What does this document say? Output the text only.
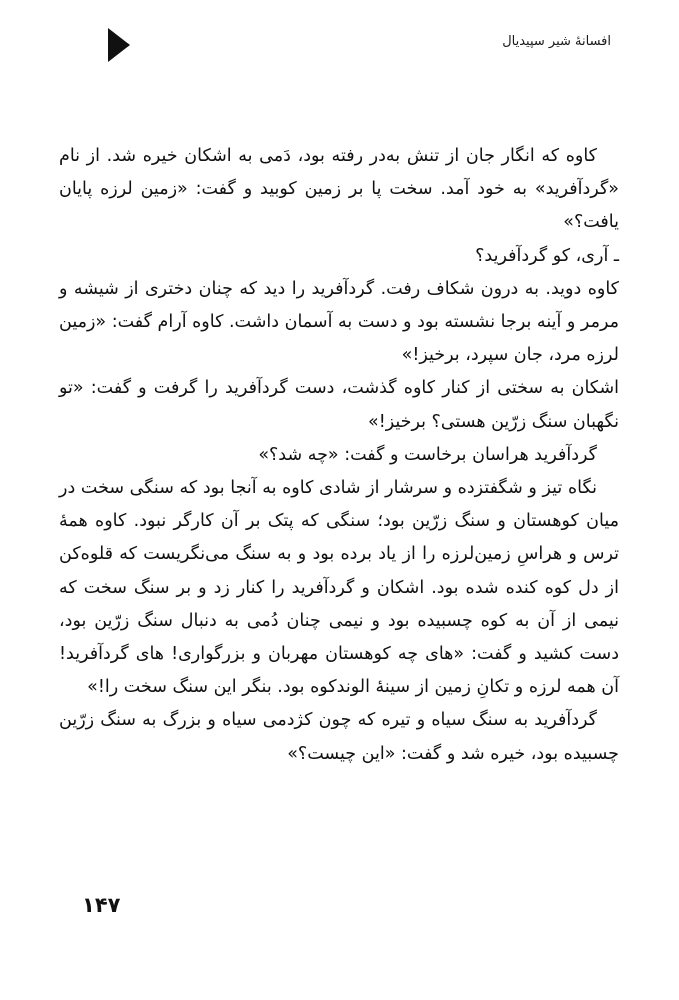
افسانهٔ شیر سپیدیال

کاوه که انگار جان از تنش به‌در رفته بود، دَمی به اشکان خیره شد. از نام «گردآفرید» به خود آمد. سخت پا بر زمین کوبید و گفت: «زمین لرزه پایان یافت؟»

ـ آری، کو گردآفرید؟

کاوه دوید. به درون شکاف رفت. گردآفرید را دید که چنان دختری از شیشه و مرمر و آینه برجا نشسته بود و دست به آسمان داشت. کاوه آرام گفت: «زمین لرزه مرد، جان سپرد، برخیز!»

اشکان به سختی از کنار کاوه گذشت، دست گردآفرید را گرفت و گفت: «تو نگهبان سنگ زرّین هستی؟ برخیز!»

گردآفرید هراسان برخاست و گفت: «چه شد؟»

نگاه تیز و شگفتزده و سرشار از شادی کاوه به آنجا بود که سنگی سخت در میان کوهستان و سنگ زرّین بود؛ سنگی که پتک بر آن کارگر نبود. کاوه همهٔ ترس و هراسِ زمین‌لرزه را از یاد برده بود و به سنگ می‌نگریست که قلوه‌کن از دل کوه کنده شده بود. اشکان و گردآفرید را کنار زد و بر سنگ سخت که نیمی از آن به کوه چسبیده بود و نیمی چنان دُمی به دنبال سنگ زرّین بود، دست کشید و گفت: «های چه کوهستان مهربان و بزرگواری! های گردآفرید! آن همه لرزه و تکانِ زمین از سینهٔ الوندکوه بود. بنگر این سنگ سخت را!»

گردآفرید به سنگ سیاه و تیره که چون کژدمی سیاه و بزرگ به سنگ زرّین چسبیده بود، خیره شد و گفت: «این چیست؟»

۱۴۷
